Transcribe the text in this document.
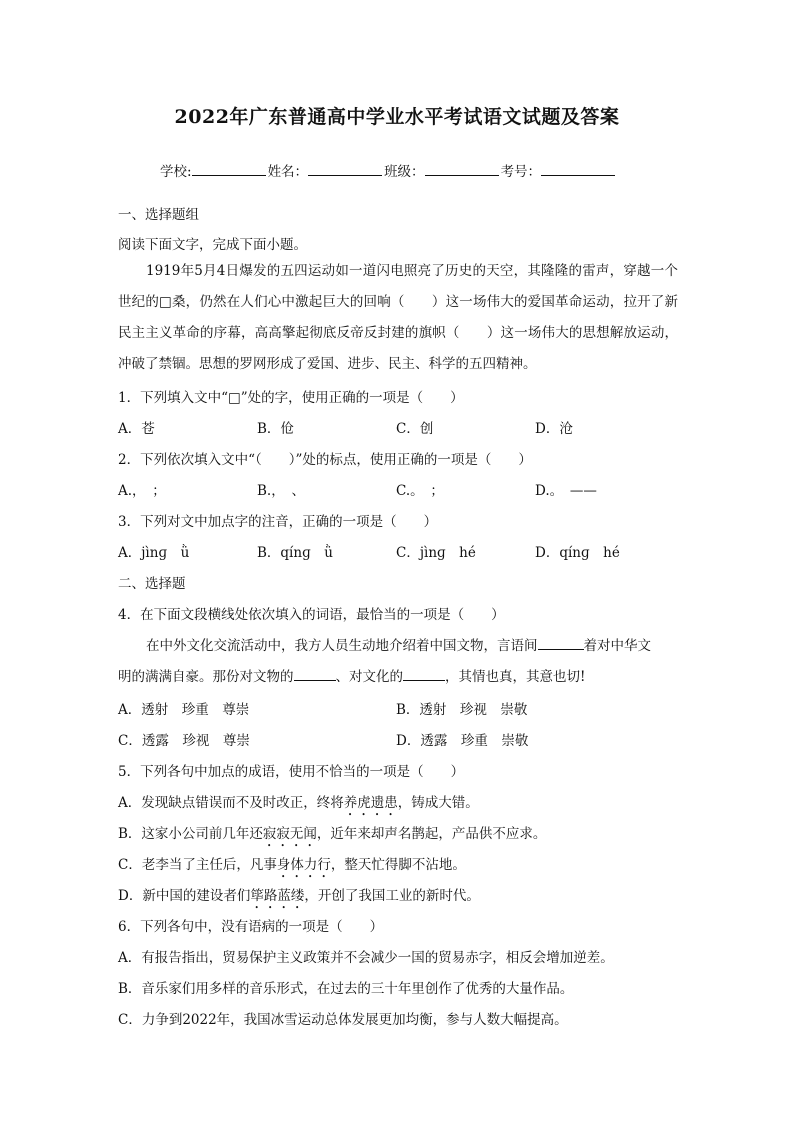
2022年广东普通高中学业水平考试语文试题及答案
学校:	姓名：	班级：	考号：
一、选择题组
阅读下面文字，完成下面小题。
1919年5月4日爆发的五四运动如一道闪电照亮了历史的天空，其隆隆的雷声，穿越一个世纪的□桑，仍然在人们心中激起巨大的回响（　　）这一场伟大的爱国革命运动，拉开了新民主主义革命的序幕，高高擎起彻底反帝反封建的旗帜（　　）这一场伟大的思想解放运动，冲破了禁锢。思想的罗网形成了爱国、进步、民主、科学的五四精神。
1．下列填入文中“□”处的字，使用正确的一项是（　　）
A．苍	B．伧	C．创	D．沧
2．下列依次填入文中“（　　）”处的标点，使用正确的一项是（　　）
A.，　；	B.，　、	C.。　；	D.。　——
3．下列对文中加点字的注音，正确的一项是（　　）
A．jìnɡ　ǜ	B．qínɡ　ǜ	C．jìnɡ　hé	D．qínɡ　hé
二、选择题
4．在下面文段横线处依次填入的词语，最恰当的一项是（　　）
在中外文化交流活动中，我方人员生动地介绍着中国文物，言语间	着对中华文
明的满满自豪。那份对文物的	、对文化的	，其情也真，其意也切!
A．透射　珍重　尊崇	B．透射　珍视　崇敬
C．透露　珍视　尊崇	D．透露　珍重　崇敬
5．下列各句中加点的成语，使用不恰当的一项是（　　）
A．发现缺点错误而不及时改正，终将养虎遗患，铸成大错。
B．这家小公司前几年还寂寂无闻，近年来却声名鹊起，产品供不应求。
C．老李当了主任后，凡事身体力行，整天忙得脚不沾地。
D．新中国的建设者们筚路蓝缕，开创了我国工业的新时代。
6．下列各句中，没有语病的一项是（　　）
A．有报告指出，贸易保护主义政策并不会减少一国的贸易赤字，相反会增加逆差。
B．音乐家们用多样的音乐形式，在过去的三十年里创作了优秀的大量作品。
C．力争到2022年，我国冰雪运动总体发展更加均衡，参与人数大幅提高。
